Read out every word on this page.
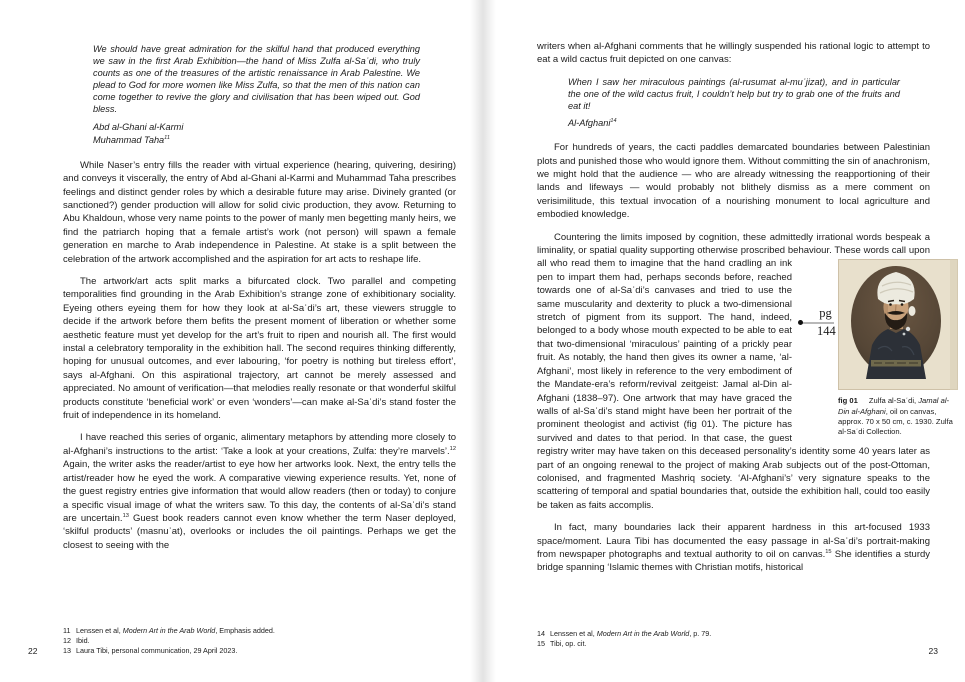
We should have great admiration for the skilful hand that produced everything we saw in the first Arab Exhibition—the hand of Miss Zulfa al-Saʿdi, who truly counts as one of the treasures of the artistic renaissance in Arab Palestine. We plead to God for more women like Miss Zulfa, so that the men of this nation can come together to revive the glory and civilisation that has been wiped out. God bless.

Abd al-Ghani al-Karmi

Muhammad Taha$^{11}$

While Naser’s entry fills the reader with virtual experience (hearing, quivering, desiring) and conveys it viscerally, the entry of Abd al-Ghani al-Karmi and Muhammad Taha prescribes feelings and distinct gender roles by which a desirable future may arise. Divinely granted (or sanctioned?) gender production will allow for solid civic production, they avow. Returning to Abu Khaldoun, whose very name points to the power of manly men begetting manly heirs, we find the patriarch hoping that a female artist’s work (not person) will spawn a female generation en marche to Arab independence in Palestine. At stake is a split between the celebration of the artwork accomplished and the aspiration for art acts to reshape life.

The artwork/art acts split marks a bifurcated clock. Two parallel and competing temporalities find grounding in the Arab Exhibition’s strange zone of exhibitionary sociality. Eyeing others eyeing them for how they look at al-Saʿdi’s art, these viewers struggle to decide if the artwork before them befits the present moment of liberation or whether some aesthetic feature must yet develop for the art’s fruit to ripen and nourish all. The first would instal a celebratory temporality in the exhibition hall. The second requires thinking differently, hoping for unusual outcomes, and ever labouring, ‘for poetry is nothing but tireless effort’, says al-Afghani. On this aspirational trajectory, art cannot be merely assessed and appreciated. No amount of verification—that melodies really resonate or that wonderful skilful products constitute ‘beneficial work’ or even ‘wonders’—can make al-Saʿdi’s stand foster the fruit of independence in its homeland.

I have reached this series of organic, alimentary metaphors by attending more closely to al-Afghani’s instructions to the artist: ‘Take a look at your creations, Zulfa: they’re marvels’.$^{12}$ Again, the writer asks the reader/artist to eye how her artworks look. Next, the entry tells the artist/reader how he eyed the work. A comparative viewing experience results. Yet, none of the guest registry entries give information that would allow readers (then or today) to conjure a specific visual image of what the writers saw. To this day, the contents of al-Saʿdi’s stand are uncertain.$^{13}$ Guest book readers cannot even know whether the term Naser deployed, ‘skilful products’ (masnuʿat), overlooks or includes the oil paintings. Perhaps we get the closest to seeing with the

11 Lenssen et al, Modern Art in the Arab World, Emphasis added.
12 Ibid.
13 Laura Tibi, personal communication, 29 April 2023.
22

writers when al-Afghani comments that he willingly suspended his rational logic to attempt to eat a wild cactus fruit depicted on one canvas:

When I saw her miraculous paintings (al-rusumat al-muʿjizat), and in particular the one of the wild cactus fruit, I couldn’t help but try to grab one of the fruits and eat it!

Al-Afghani$^{14}$

For hundreds of years, the cacti paddles demarcated boundaries between Palestinian plots and punished those who would ignore them. Without committing the sin of anachronism, we might hold that the audience — who are already witnessing the reapportioning of their lands and lifeways — would probably not blithely dismiss as a mere comment on verisimilitude, this textual invocation of a nourishing monument to local agriculture and embodied knowledge.

Countering the limits imposed by cognition, these admittedly irrational words bespeak a liminality, or spatial quality supporting otherwise proscribed behaviour. These words call upon all who read them to imagine that the hand cradling an ink
pg
144
fig 01 Zulfa al-Saʿdi, Jamal al-Din al-Afghani, oil on canvas, approx. 70 x 50 cm, c. 1930. Zulfa al-Saʿdi Collection.
pen to impart them had, perhaps seconds before, reached towards one of al-Saʿdi’s canvases and tried to use the same muscularity and dexterity to pluck a two-dimensional stretch of pigment from its support. The hand, indeed, belonged to a body whose mouth expected to be able to eat that two-dimensional ‘miraculous’ painting of a prickly pear fruit. As notably, the hand then gives its owner a name, ‘al-Afghani’, most likely in reference to the very embodiment of the Mandate-era’s reform/revival zeitgeist: Jamal al-Din al-Afghani (1838–97). One artwork that may have graced the walls of al-Saʿdi’s stand might have been her portrait of the prominent theologist and activist (fig 01). The picture has survived and dates to that period. In that case, the guest registry writer may have taken on this deceased personality’s identity some 40 years later as part of an ongoing renewal to the project of making Arab subjects out of the post-Ottoman, colonised, and fragmented Mashriq society. ‘Al-Afghani’s’ very signature speaks to the scattering of temporal and spatial boundaries that, outside the exhibition hall, could too easily be taken as faits accomplis.

In fact, many boundaries lack their apparent hardness in this art-focused 1933 space/moment. Laura Tibi has documented the easy passage in al-Saʿdi’s portrait-making from newspaper photographs and textual authority to oil on canvas.$^{15}$ She identifies a sturdy bridge spanning ‘Islamic themes with Christian motifs, historical

14 Lenssen et al, Modern Art in the Arab World, p. 79.
15 Tibi, op. cit.
23
